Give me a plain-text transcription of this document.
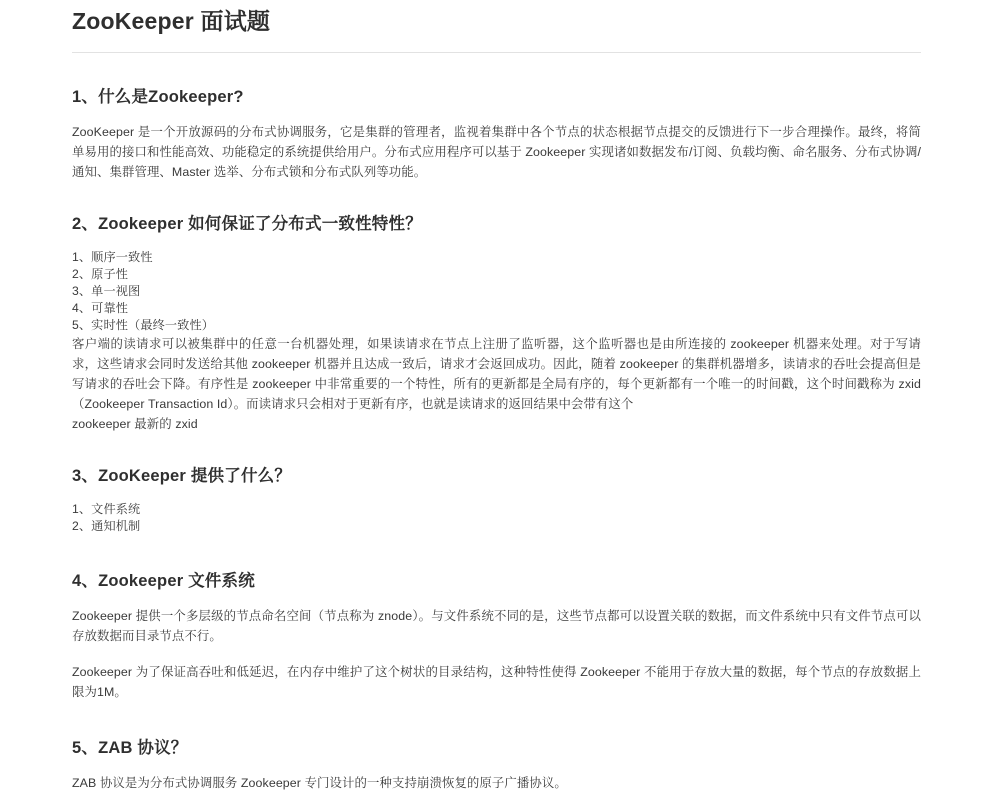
ZooKeeper 面试题
1、什么是Zookeeper?

ZooKeeper 是一个开放源码的分布式协调服务，它是集群的管理者，监视着集群中各个节点的状态根据节点提交的反馈进行下一步合理操作。最终，将简单易用的接口和性能高效、功能稳定的系统提供给用户。分布式应用程序可以基于 Zookeeper 实现诸如数据发布/订阅、负载均衡、命名服务、分布式协调/通知、集群管理、Master 选举、分布式锁和分布式队列等功能。

2、Zookeeper 如何保证了分布式一致性特性？

1、顺序一致性

2、原子性

3、单一视图

4、可靠性

5、实时性（最终一致性）

客户端的读请求可以被集群中的任意一台机器处理，如果读请求在节点上注册了监听器，这个监听器也是由所连接的 zookeeper 机器来处理。对于写请求，这些请求会同时发送给其他 zookeeper 机器并且达成一致后，请求才会返回成功。因此，随着 zookeeper 的集群机器增多，读请求的吞吐会提高但是写请求的吞吐会下降。有序性是 zookeeper 中非常重要的一个特性，所有的更新都是全局有序的，每个更新都有一个唯一的时间戳，这个时间戳称为 zxid（Zookeeper Transaction Id）。而读请求只会相对于更新有序，也就是读请求的返回结果中会带有这个

zookeeper 最新的 zxid

3、ZooKeeper 提供了什么？

1、文件系统

2、通知机制

4、Zookeeper 文件系统

Zookeeper 提供一个多层级的节点命名空间（节点称为 znode）。与文件系统不同的是，这些节点都可以设置关联的数据，而文件系统中只有文件节点可以存放数据而目录节点不行。

Zookeeper 为了保证高吞吐和低延迟，在内存中维护了这个树状的目录结构，这种特性使得 Zookeeper 不能用于存放大量的数据，每个节点的存放数据上限为1M。

5、ZAB 协议？

ZAB 协议是为分布式协调服务 Zookeeper 专门设计的一种支持崩溃恢复的原子广播协议。
